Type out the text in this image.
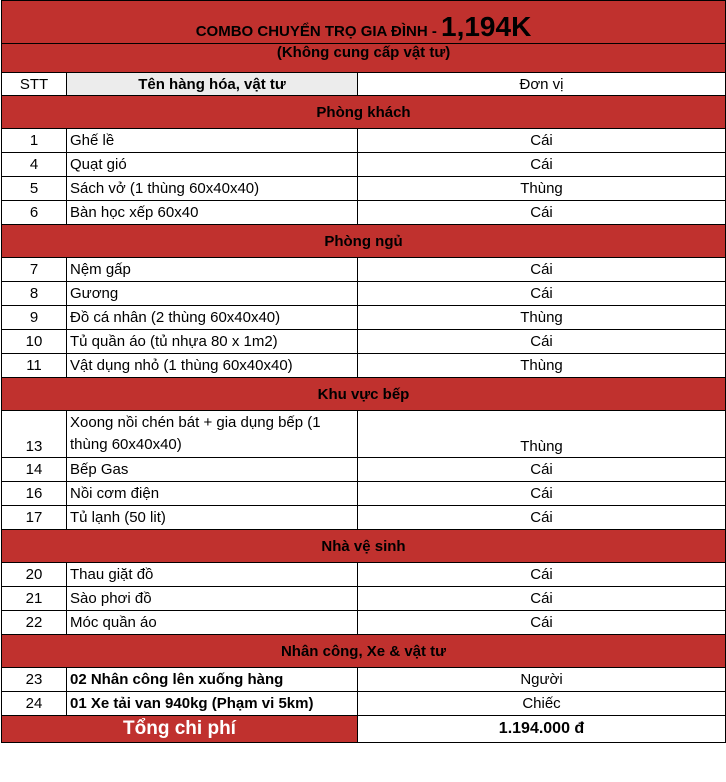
COMBO CHUYỂN TRỌ GIA ĐÌNH - 1,194K		
(Không cung cấp vật tư)		
STT	Tên hàng hóa, vật tư	Đơn vị
Phòng khách		
1	Ghế lề	Cái
4	Quạt gió	Cái
5	Sách vở (1 thùng 60x40x40)	Thùng
6	Bàn học xếp 60x40	Cái
Phòng ngủ		
7	Nệm gấp	Cái
8	Gương	Cái
9	Đồ cá nhân (2 thùng 60x40x40)	Thùng
10	Tủ quần áo (tủ nhựa 80 x 1m2)	Cái
11	Vật dụng nhỏ (1 thùng 60x40x40)	Thùng
Khu vực bếp		
13	Xoong nồi chén bát + gia dụng bếp (1 thùng 60x40x40)	Thùng
14	Bếp Gas	Cái
16	Nồi cơm điện	Cái
17	Tủ lạnh (50 lit)	Cái
Nhà vệ sinh		
20	Thau giặt đồ	Cái
21	Sào phơi đồ	Cái
22	Móc quần áo	Cái
Nhân công, Xe & vật tư		
23	02 Nhân công lên xuống hàng	Người
24	01 Xe tải van 940kg (Phạm vi 5km)	Chiếc
Tổng chi phí		1.194.000 đ
